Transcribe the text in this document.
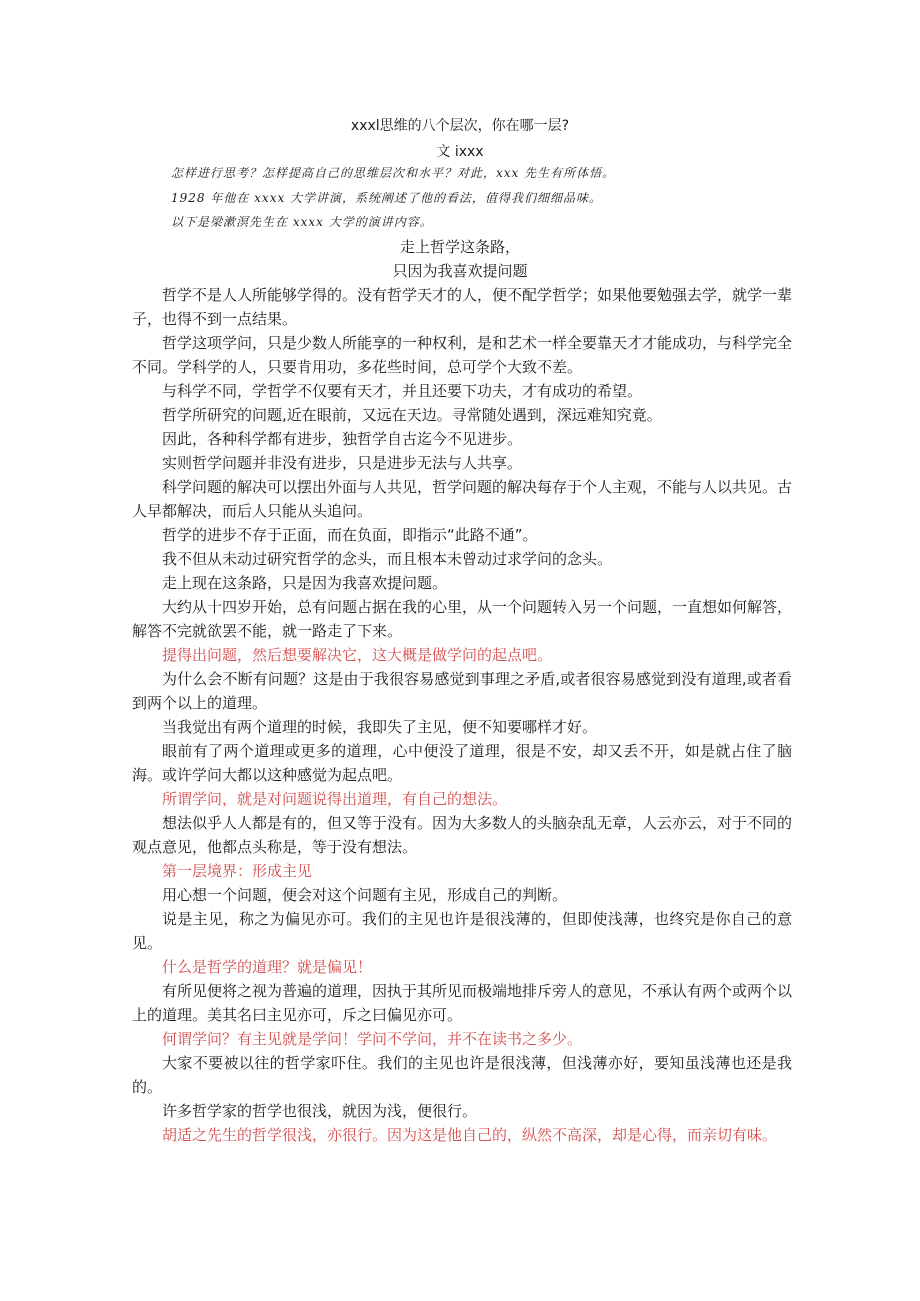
xxxl思维的八个层次，你在哪一层?
文 ixxx
怎样进行思考？怎样提高自己的思维层次和水平？对此，xxx 先生有所体悟。
1928 年他在 xxxx 大学讲演，系统阐述了他的看法，值得我们细细品味。
以下是梁漱溟先生在 xxxx 大学的演讲内容。
走上哲学这条路，
只因为我喜欢提问题

哲学不是人人所能够学得的。没有哲学天才的人，便不配学哲学；如果他要勉强去学，就学一辈子，也得不到一点结果。

哲学这项学问，只是少数人所能享的一种权利，是和艺术一样全要靠天才才能成功，与科学完全不同。学科学的人，只要肯用功，多花些时间，总可学个大致不差。

与科学不同，学哲学不仅要有天才，并且还要下功夫，才有成功的希望。

哲学所研究的问题,近在眼前，又远在天边。寻常随处遇到，深远难知究竟。

因此，各种科学都有进步，独哲学自古迄今不见进步。

实则哲学问题并非没有进步，只是进步无法与人共享。

科学问题的解决可以摆出外面与人共见，哲学问题的解决每存于个人主观，不能与人以共见。古人早都解决，而后人只能从头追问。

哲学的进步不存于正面，而在负面，即指示“此路不通”。

我不但从未动过研究哲学的念头，而且根本未曾动过求学问的念头。

走上现在这条路，只是因为我喜欢提问题。

大约从十四岁开始，总有问题占据在我的心里，从一个问题转入另一个问题，一直想如何解答，解答不完就欲罢不能，就一路走了下来。

提得出问题，然后想要解决它，这大概是做学问的起点吧。

为什么会不断有问题？这是由于我很容易感觉到事理之矛盾,或者很容易感觉到没有道理,或者看到两个以上的道理。

当我觉出有两个道理的时候，我即失了主见，便不知要哪样才好。

眼前有了两个道理或更多的道理，心中便没了道理，很是不安，却又丢不开，如是就占住了脑海。或许学问大都以这种感觉为起点吧。

所谓学问，就是对问题说得出道理，有自己的想法。

想法似乎人人都是有的，但又等于没有。因为大多数人的头脑杂乱无章，人云亦云，对于不同的观点意见，他都点头称是，等于没有想法。

第一层境界：形成主见

用心想一个问题，便会对这个问题有主见，形成自己的判断。

说是主见，称之为偏见亦可。我们的主见也许是很浅薄的，但即使浅薄，也终究是你自己的意见。

什么是哲学的道理？就是偏见！

有所见便将之视为普遍的道理，因执于其所见而极端地排斥旁人的意见，不承认有两个或两个以上的道理。美其名曰主见亦可，斥之曰偏见亦可。

何谓学问？有主见就是学问！学问不学问，并不在读书之多少。

大家不要被以往的哲学家吓住。我们的主见也许是很浅薄，但浅薄亦好，要知虽浅薄也还是我的。

许多哲学家的哲学也很浅，就因为浅，便很行。

胡适之先生的哲学很浅，亦很行。因为这是他自己的，纵然不高深，却是心得，而亲切有味。
